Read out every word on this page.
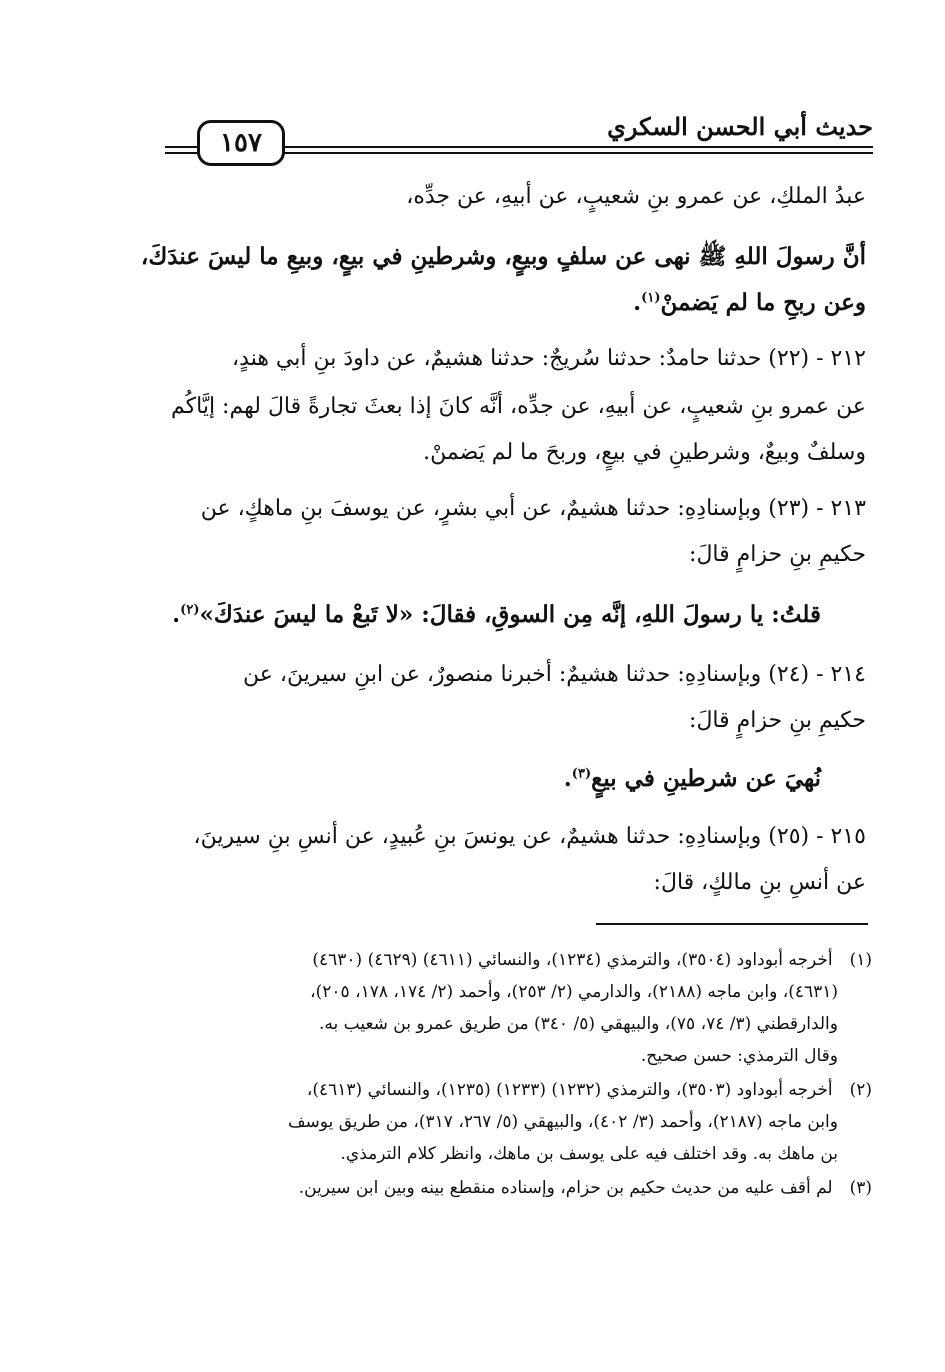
١٥٧
حديث أبي الحسن السكري
عبدُ الملكِ، عن عمرو بنِ شعيبٍ، عن أبيهِ، عن جدِّه،
أنَّ رسولَ اللهِ ﷺ نهى عن سلفٍ وبيعٍ، وشرطينِ في بيعٍ، وبيعِ ما ليسَ عندَكَ،
وعن ربحِ ما لم يَضمنْ$^{(١)}$.
٢١٢ - (٢٢) حدثنا حامدٌ: حدثنا سُريجٌ: حدثنا هشيمٌ، عن داودَ بنِ أبي هندٍ،
عن عمرو بنِ شعيبٍ، عن أبيهِ، عن جدِّه، أنَّه كانَ إذا بعثَ تجارةً قالَ لهم: إيَّاكُم
وسلفٌ وبيعٌ، وشرطينِ في بيعٍ، وربحَ ما لم يَضمنْ.
٢١٣ - (٢٣) وبإسنادِهِ: حدثنا هشيمٌ، عن أبي بشرٍ، عن يوسفَ بنِ ماهكٍ، عن
حكيمِ بنِ حزامٍ قالَ:
قلتُ: يا رسولَ اللهِ، إنَّه مِن السوقِ، فقالَ: «لا تَبعْ ما ليسَ عندَكَ»$^{(٢)}$.
٢١٤ - (٢٤) وبإسنادِهِ: حدثنا هشيمٌ: أخبرنا منصورٌ، عن ابنِ سيرينَ، عن
حكيمِ بنِ حزامٍ قالَ:
نُهيَ عن شرطينِ في بيعٍ$^{(٣)}$.
٢١٥ - (٢٥) وبإسنادِهِ: حدثنا هشيمٌ، عن يونسَ بنِ عُبيدٍ، عن أنسِ بنِ سيرينَ،
عن أنسِ بنِ مالكٍ، قالَ:
(١) أخرجه أبوداود (٣٥٠٤)، والترمذي (١٢٣٤)، والنسائي (٤٦١١) (٤٦٢٩) (٤٦٣٠)
(٤٦٣١)، وابن ماجه (٢١٨٨)، والدارمي (٢/ ٢٥٣)، وأحمد (٢/ ١٧٤، ١٧٨، ٢٠٥)،
والدارقطني (٣/ ٧٤، ٧٥)، والبيهقي (٥/ ٣٤٠) من طريق عمرو بن شعيب به.
وقال الترمذي: حسن صحيح.
(٢) أخرجه أبوداود (٣٥٠٣)، والترمذي (١٢٣٢) (١٢٣٣) (١٢٣٥)، والنسائي (٤٦١٣)،
وابن ماجه (٢١٨٧)، وأحمد (٣/ ٤٠٢)، والبيهقي (٥/ ٢٦٧، ٣١٧)، من طريق يوسف
بن ماهك به. وقد اختلف فيه على يوسف بن ماهك، وانظر كلام الترمذي.
(٣) لم أقف عليه من حديث حكيم بن حزام، وإسناده منقطع بينه وبين ابن سيرين.
